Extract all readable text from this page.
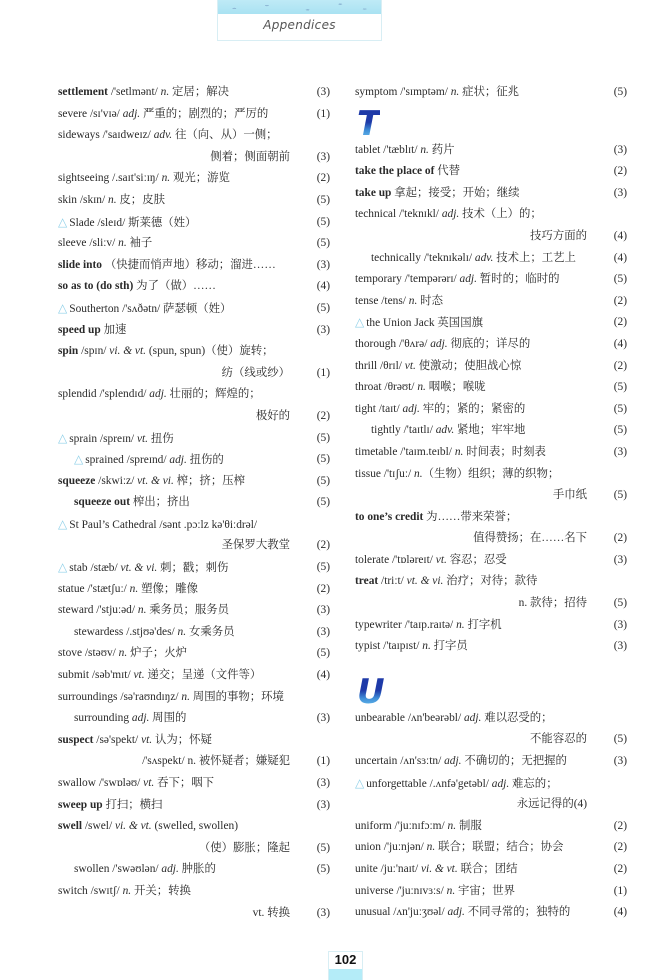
Appendices
settlement /'setlmənt/ n. 定居；解决	(3)
severe /sɪ'vɪə/ adj. 严重的；剧烈的；严厉的	(1)
sideways /'saɪdweɪz/ adv. 往（向、从）一侧；
侧着；侧面朝前 (3)
sightseeing /.saɪt'siːɪŋ/ n. 观光；游览	(2)
skin /skɪn/ n. 皮；皮肤	(5)
△ Slade /sleɪd/ 斯莱德（姓）	(5)
sleeve /sliːv/ n. 袖子	(5)
slide into （快捷而悄声地）移动；溜进……	(3)
so as to (do sth) 为了（做）……	(4)
△ Southerton /'sʌðətn/ 萨瑟顿（姓）	(5)
speed up 加速	(3)
spin /spɪn/ vi. & vt. (spun, spun)（使）旋转；
纺（线或纱） (1)
splendid /'splendɪd/ adj. 壮丽的；辉煌的；
极好的 (2)
△ sprain /spreɪn/ vt. 扭伤	(5)
△ sprained /spreɪnd/ adj. 扭伤的	(5)
squeeze /skwiːz/ vt. & vi. 榨；挤；压榨	(5)
squeeze out 榨出；挤出	(5)
△ St Paul’s Cathedral /sənt .pɔːlz kə'θiːdrəl/
圣保罗大教堂 (2)
△ stab /stæb/ vt. & vi. 刺；戳；刺伤	(5)
statue /'stætʃuː/ n. 塑像；雕像	(2)
steward /'stjuːəd/ n. 乘务员；服务员	(3)
stewardess /.stjʊə'des/ n. 女乘务员	(3)
stove /stəʊv/ n. 炉子；火炉	(5)
submit /səb'mɪt/ vt. 递交；呈递（文件等）	(4)
surroundings /sə'raʊndɪŋz/ n. 周围的事物；环境
surrounding adj. 周围的	(3)
suspect /sə'spekt/ vt. 认为；怀疑
/'sʌspekt/ n. 被怀疑者；嫌疑犯 (1)
swallow /'swɒləʊ/ vt. 吞下；咽下	(3)
sweep up 打扫；横扫	(3)
swell /swel/ vi. & vt. (swelled, swollen)
（使）膨胀；隆起 (5)
swollen /'swəʊlən/ adj. 肿胀的	(5)
switch /swɪtʃ/ n. 开关；转换
vt. 转换 (3)
symptom /'sɪmptəm/ n. 症状；征兆	(5)
T
tablet /'tæblɪt/ n. 药片	(3)
take the place of 代替	(2)
take up 拿起；接受；开始；继续	(3)
technical /'teknɪkl/ adj. 技术（上）的；
技巧方面的 (4)
technically /'teknɪkəlɪ/ adv. 技术上；工艺上	(4)
temporary /'tempərərɪ/ adj. 暂时的；临时的	(5)
tense /tens/ n. 时态	(2)
△ the Union Jack 英国国旗	(2)
thorough /'θʌrə/ adj. 彻底的；详尽的	(4)
thrill /θrɪl/ vt. 使激动；使胆战心惊	(2)
throat /θrəʊt/ n. 咽喉；喉咙	(5)
tight /taɪt/ adj. 牢的；紧的；紧密的	(5)
tightly /'taɪtlɪ/ adv. 紧地；牢牢地	(5)
timetable /'taɪm.teɪbl/ n. 时间表；时刻表	(3)
tissue /'tɪʃuː/ n.（生物）组织；薄的织物；
手巾纸 (5)
to one’s credit 为……带来荣誉；
值得赞扬；在……名下 (2)
tolerate /'tɒləreɪt/ vt. 容忍；忍受	(3)
treat /triːt/ vt. & vi. 治疗；对待；款待
n. 款待；招待 (5)
typewriter /'taɪp.raɪtə/ n. 打字机	(3)
typist /'taɪpɪst/ n. 打字员	(3)
U
unbearable /ʌn'beərəbl/ adj. 难以忍受的；
不能容忍的 (5)
uncertain /ʌn'sɜːtn/ adj. 不确切的；无把握的	(3)
△ unforgettable /.ʌnfə'getəbl/ adj. 难忘的；
永远记得的(4)
uniform /'juːnɪfɔːm/ n. 制服	(2)
union /'juːnjən/ n. 联合；联盟；结合；协会	(2)
unite /juː'naɪt/ vi. & vt. 联合；团结	(2)
universe /'juːnɪvɜːs/ n. 宇宙；世界	(1)
unusual /ʌn'juːʒʊəl/ adj. 不同寻常的；独特的	(4)
102
